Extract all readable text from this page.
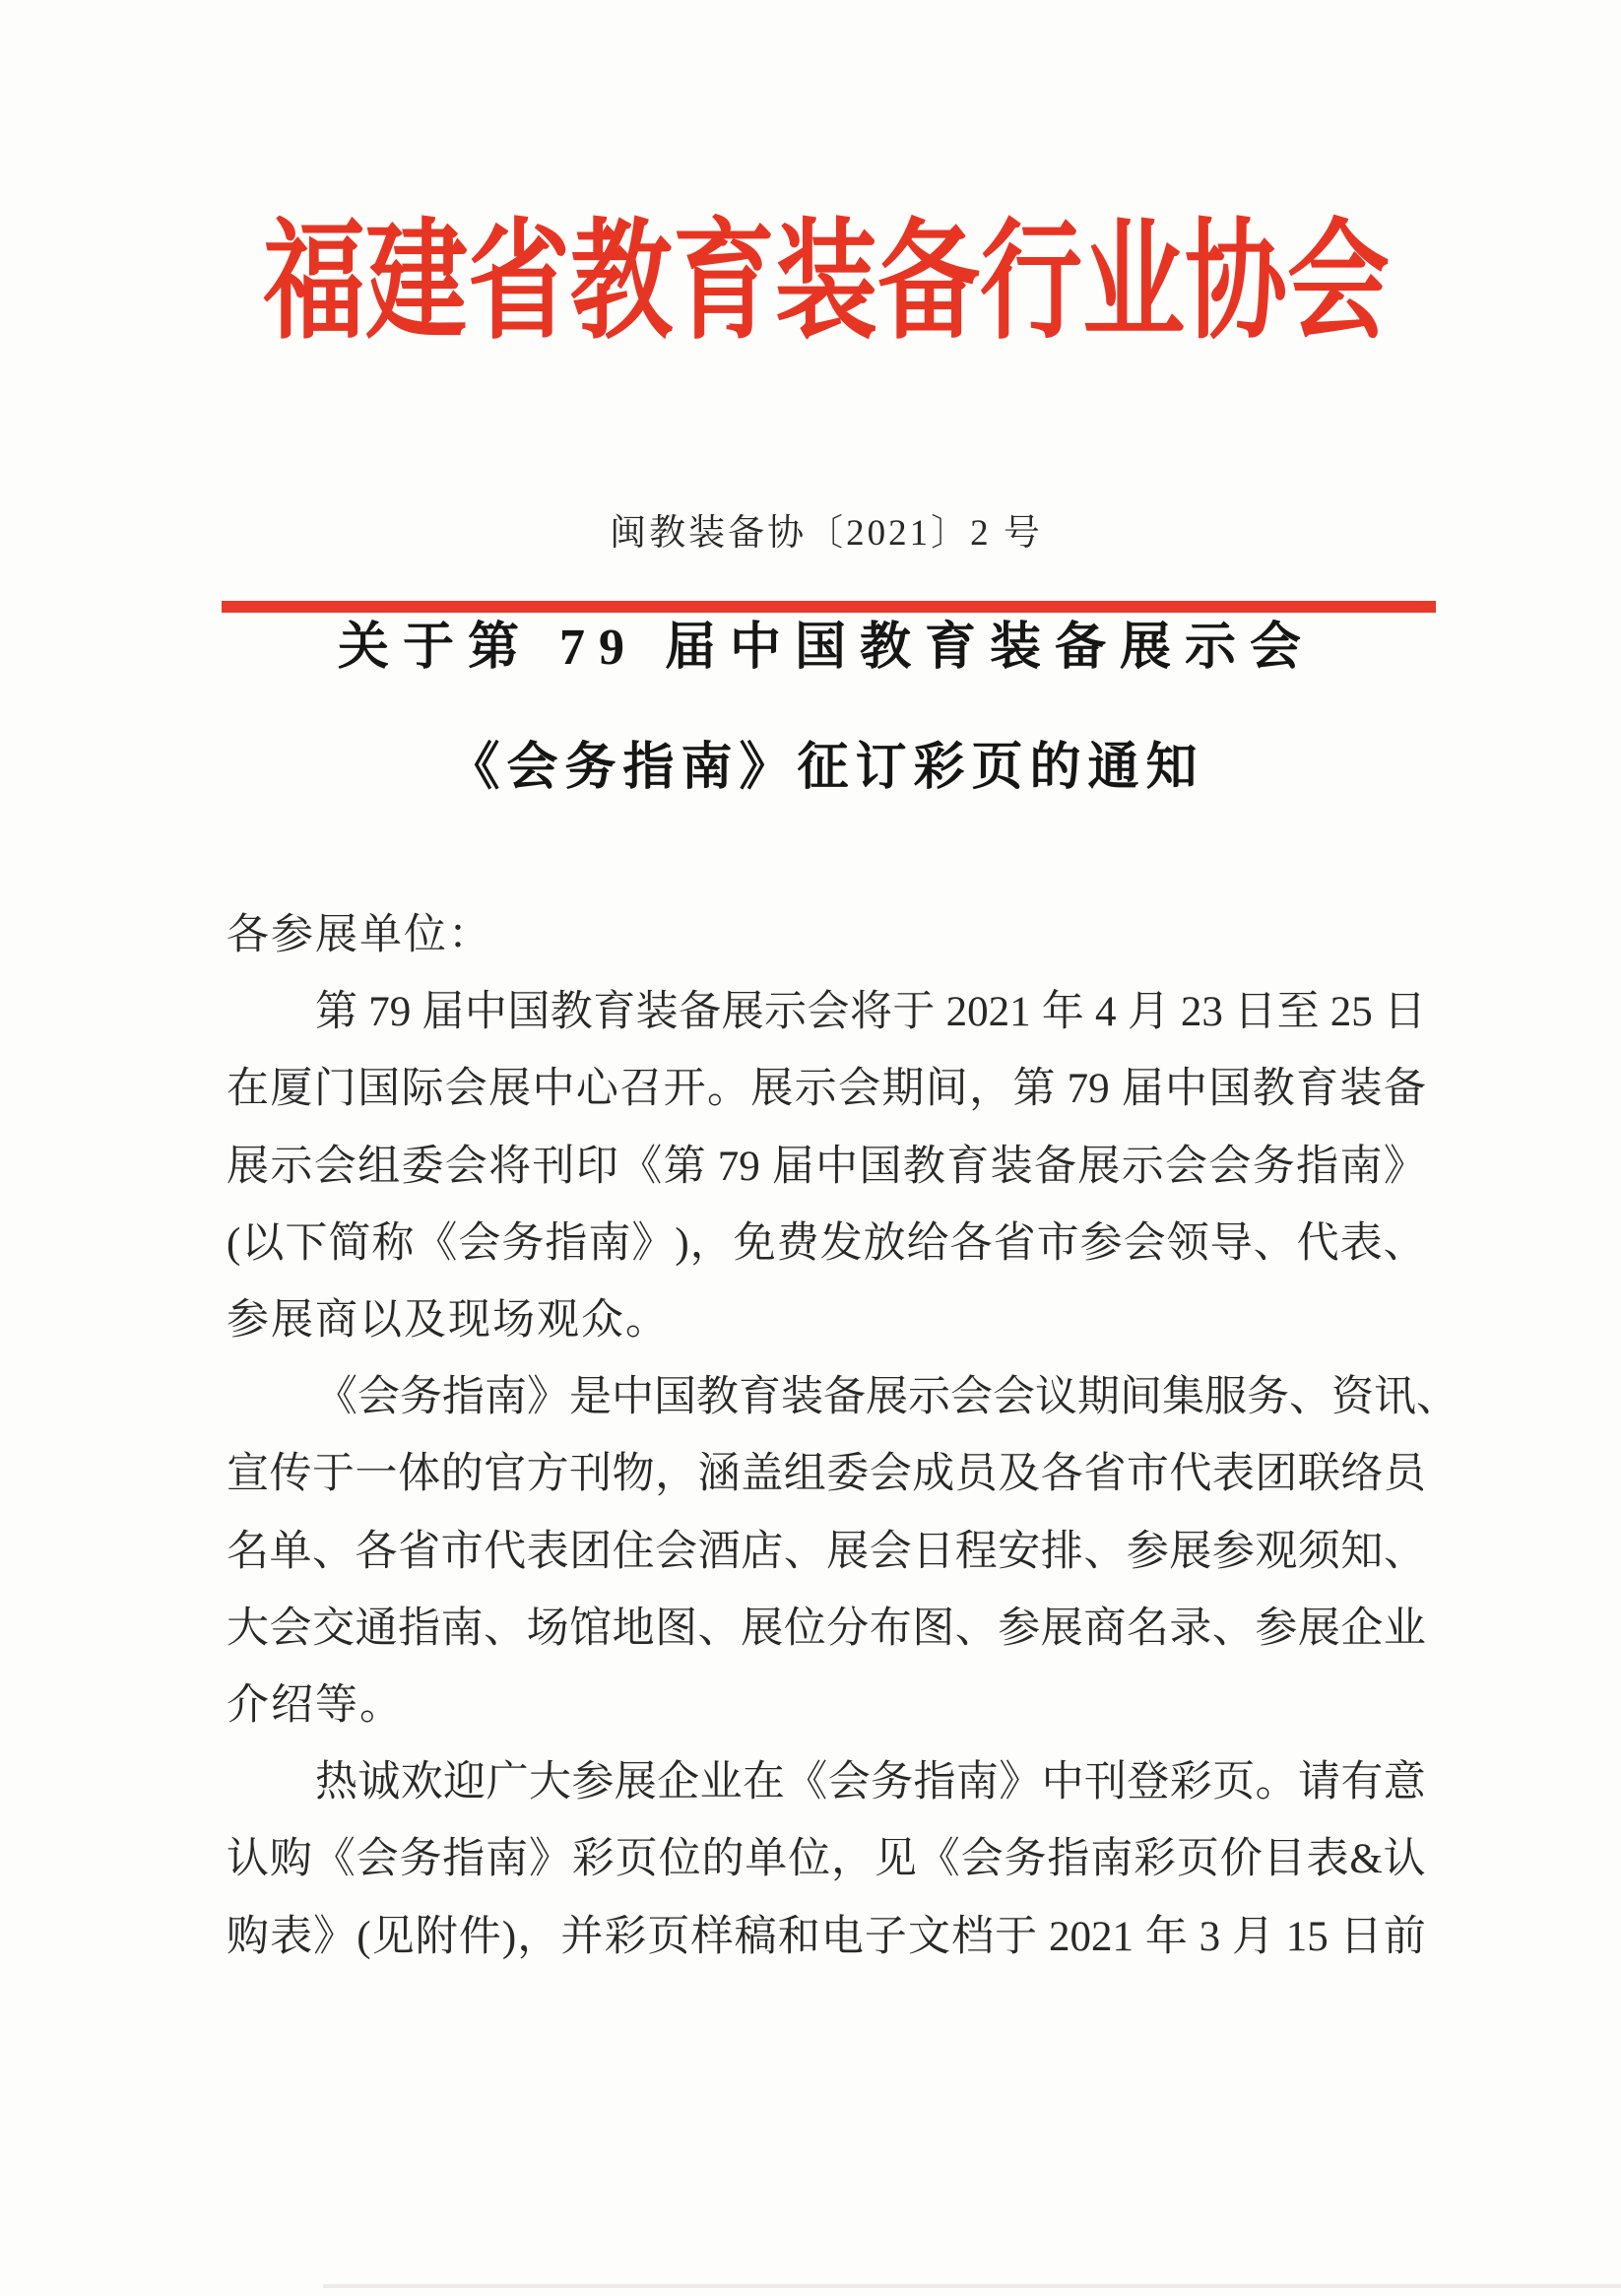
福建省教育装备行业协会
闽教装备协〔2021〕2 号
关于第 79 届中国教育装备展示会
《会务指南》征订彩页的通知
各参展单位：
第 79 届 中 国 教 育 装 备 展 示 会 将 于 2021 年 4 月 23 日 至 25 日
在 厦 门 国 际 会 展 中 心 召 开 。 展 示 会 期 间 ， 第 79 届 中 国 教 育 装 备
展 示 会 组 委 会 将 刊 印 《 第 79 届 中 国 教 育 装 备 展 示 会 会 务 指 南 》
( 以 下 简 称 《 会 务 指 南 》 ) ， 免 费 发 放 给 各 省 市 参 会 领 导 、 代 表 、
参展商以及现场观众。
《 会 务 指 南 》 是 中 国 教 育 装 备 展 示 会 会 议 期 间 集 服 务 、 资 讯 、
宣 传 于 一 体 的 官 方 刊 物 ， 涵 盖 组 委 会 成 员 及 各 省 市 代 表 团 联 络 员
名 单 、 各 省 市 代 表 团 住 会 酒 店 、 展 会 日 程 安 排 、 参 展 参 观 须 知 、
大 会 交 通 指 南 、 场 馆 地 图 、 展 位 分 布 图 、 参 展 商 名 录 、 参 展 企 业
介绍等。
热 诚 欢 迎 广 大 参 展 企 业 在 《 会 务 指 南 》 中 刊 登 彩 页 。 请 有 意
认 购 《 会 务 指 南 》 彩 页 位 的 单 位 ， 见 《 会 务 指 南 彩 页 价 目 表 & 认
购 表 》 ( 见 附 件 ) ， 并 彩 页 样 稿 和 电 子 文 档 于 2021 年 3 月 15 日 前
